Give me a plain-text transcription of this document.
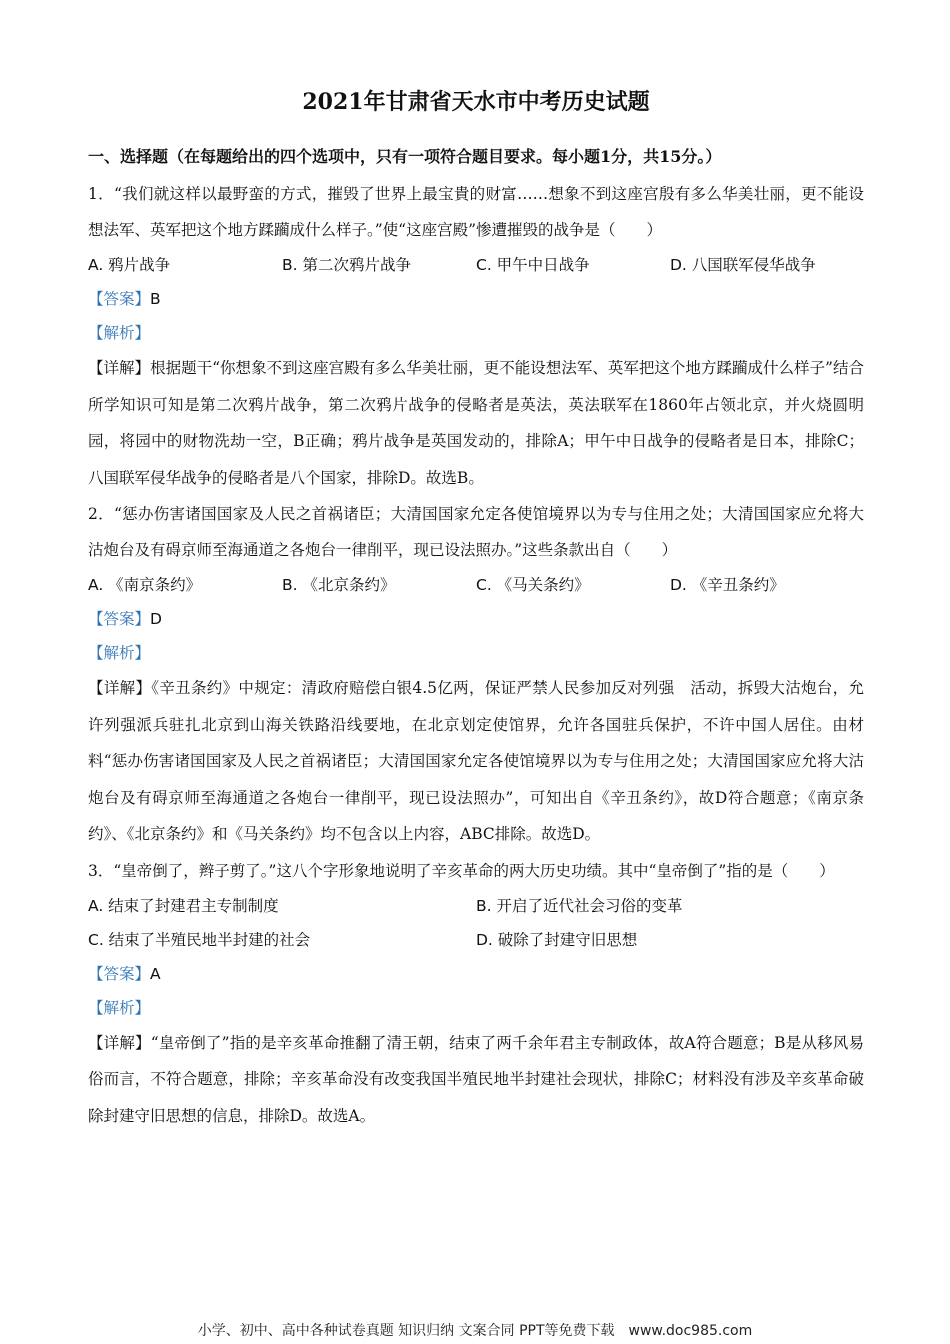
2021年甘肃省天水市中考历史试题
一、选择题（在每题给出的四个选项中，只有一项符合题目要求。每小题1分，共15分。）
1．“我们就这样以最野蛮的方式，摧毁了世界上最宝貴的财富……想象不到这座宫殷有多么华美壮丽，更不能设想法军、英军把这个地方蹂躏成什么样子。”使“这座宫殿”惨遭摧毁的战争是（　　）
A. 鸦片战争	B. 第二次鸦片战争	C. 甲午中日战争	D. 八国联军侵华战争
【答案】B
【解析】
【详解】根据题干“你想象不到这座宫殿有多么华美壮丽，更不能设想法军、英军把这个地方蹂躏成什么样子”结合所学知识可知是第二次鸦片战争，第二次鸦片战争的侵略者是英法，英法联军在1860年占领北京，并火烧圆明园，将园中的财物洗劫一空，B正确；鸦片战争是英国发动的，排除A；甲午中日战争的侵略者是日本，排除C；八国联军侵华战争的侵略者是八个国家，排除D。故选B。
2．“惩办伤害诸国国家及人民之首祸诸臣；大清国国家允定各使馆境界以为专与住用之处；大清国国家应允将大沽炮台及有碍京师至海通道之各炮台一律削平，现已设法照办。”这些条款出自（　　）
A. 《南京条约》	B. 《北京条约》	C. 《马关条约》	D. 《辛丑条约》
【答案】D
【解析】
【详解】《辛丑条约》中规定：清政府赔偿白银4.5亿两，保证严禁人民参加反对列强　活动，拆毁大沽炮台，允许列强派兵驻扎北京到山海关铁路沿线要地，在北京划定使馆界，允许各国驻兵保护，不许中国人居住。由材料“惩办伤害诸国国家及人民之首祸诸臣；大清国国家允定各使馆境界以为专与住用之处；大清国国家应允将大沽炮台及有碍京师至海通道之各炮台一律削平，现已设法照办”，可知出自《辛丑条约》，故D符合题意；《南京条约》、《北京条约》和《马关条约》均不包含以上内容，ABC排除。故选D。
3．“皇帝倒了，辫子剪了。”这八个字形象地说明了辛亥革命的两大历史功绩。其中“皇帝倒了”指的是（　　）
A. 结束了封建君主专制制度	B. 开启了近代社会习俗的变革
C. 结束了半殖民地半封建的社会	D. 破除了封建守旧思想
【答案】A
【解析】
【详解】“皇帝倒了”指的是辛亥革命推翻了清王朝，结束了两千余年君主专制政体，故A符合题意；B是从移风易俗而言，不符合题意，排除；辛亥革命没有改变我国半殖民地半封建社会现状，排除C；材料没有涉及辛亥革命破除封建守旧思想的信息，排除D。故选A。
小学、初中、高中各种试卷真题 知识归纳 文案合同 PPT等免费下载　www.doc985.com
